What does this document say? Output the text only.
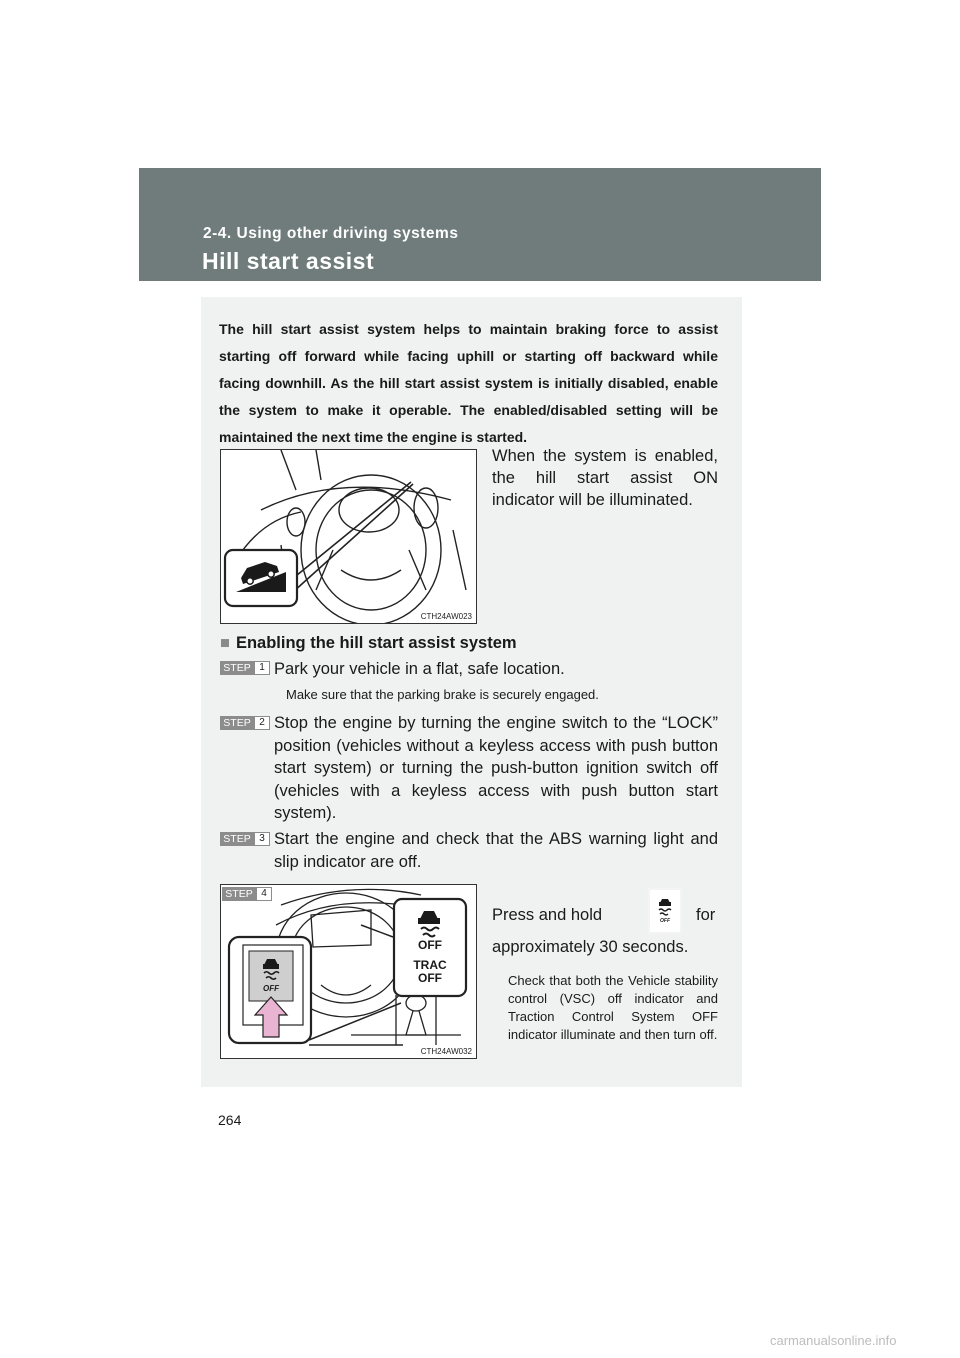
2-4. Using other driving systems
Hill start assist

The hill start assist system helps to maintain braking force to assist starting off forward while facing uphill or starting off backward while facing downhill. As the hill start assist system is initially disabled, enable the system to make it operable. The enabled/disabled setting will be maintained the next time the engine is started.

CTH24AW023

When the system is enabled, the hill start assist ON indicator will be illuminated.

■ Enabling the hill start assist system
STEP 1 Park your vehicle in a flat, safe location.

Make sure that the parking brake is securely engaged.
STEP 2 Stop the engine by turning the engine switch to the “LOCK” position (vehicles without a keyless access with push button start system) or turning the push-button ignition switch off (vehicles with a keyless access with push button start system).

STEP 3 Start the engine and check that the ABS warning light and slip indicator are off.

OFF
TRAC
OFF
OFF
CTH24AW032
STEP 4
Press and hold	OFF for
approximately 30 seconds.

Check that both the Vehicle stability control (VSC) off indicator and Traction Control System OFF indicator illuminate and then turn off.

264
carmanualsonline.info
